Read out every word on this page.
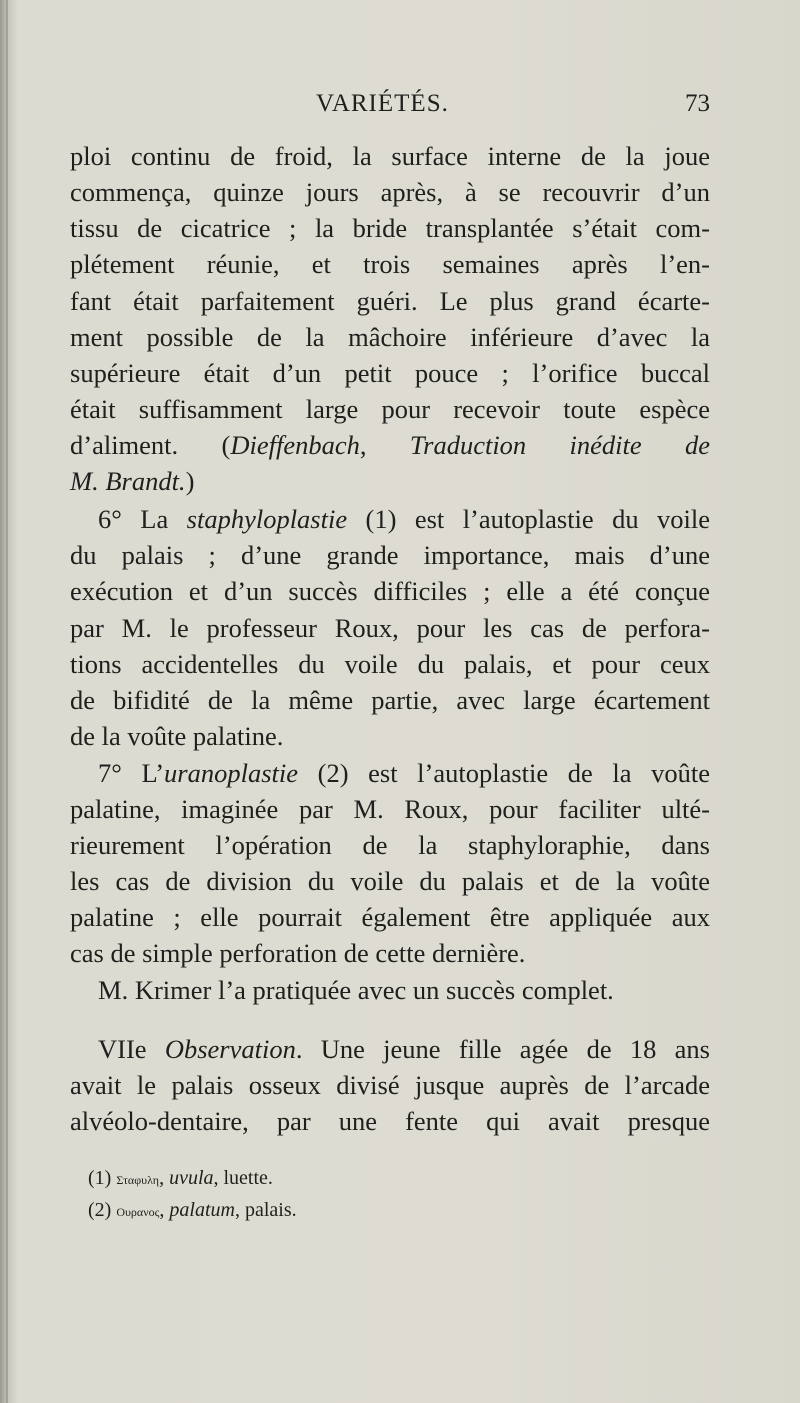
VARIÉTÉS.	73
ploi continu de froid, la surface interne de la joue
commença, quinze jours après, à se recouvrir d’un
tissu de cicatrice ; la bride transplantée s’était com-
plétement réunie, et trois semaines après l’en-
fant était parfaitement guéri. Le plus grand écarte-
ment possible de la mâchoire inférieure d’avec la
supérieure était d’un petit pouce ; l’orifice buccal
était suffisamment large pour recevoir toute espèce
d’aliment. (Dieffenbach, Traduction inédite de
M. Brandt.)
6° La staphyloplastie (1) est l’autoplastie du voile
du palais ; d’une grande importance, mais d’une
exécution et d’un succès difficiles ; elle a été conçue
par M. le professeur Roux, pour les cas de perfora-
tions accidentelles du voile du palais, et pour ceux
de bifidité de la même partie, avec large écartement
de la voûte palatine.
7° L’uranoplastie (2) est l’autoplastie de la voûte
palatine, imaginée par M. Roux, pour faciliter ulté-
rieurement l’opération de la staphyloraphie, dans
les cas de division du voile du palais et de la voûte
palatine ; elle pourrait également être appliquée aux
cas de simple perforation de cette dernière.
M. Krimer l’a pratiquée avec un succès complet.
VIIe Observation. Une jeune fille agée de 18 ans
avait le palais osseux divisé jusque auprès de l’arcade
alvéolo-dentaire, par une fente qui avait presque
(1) Σταφυλη, uvula, luette.
(2) Ουρανος, palatum, palais.
